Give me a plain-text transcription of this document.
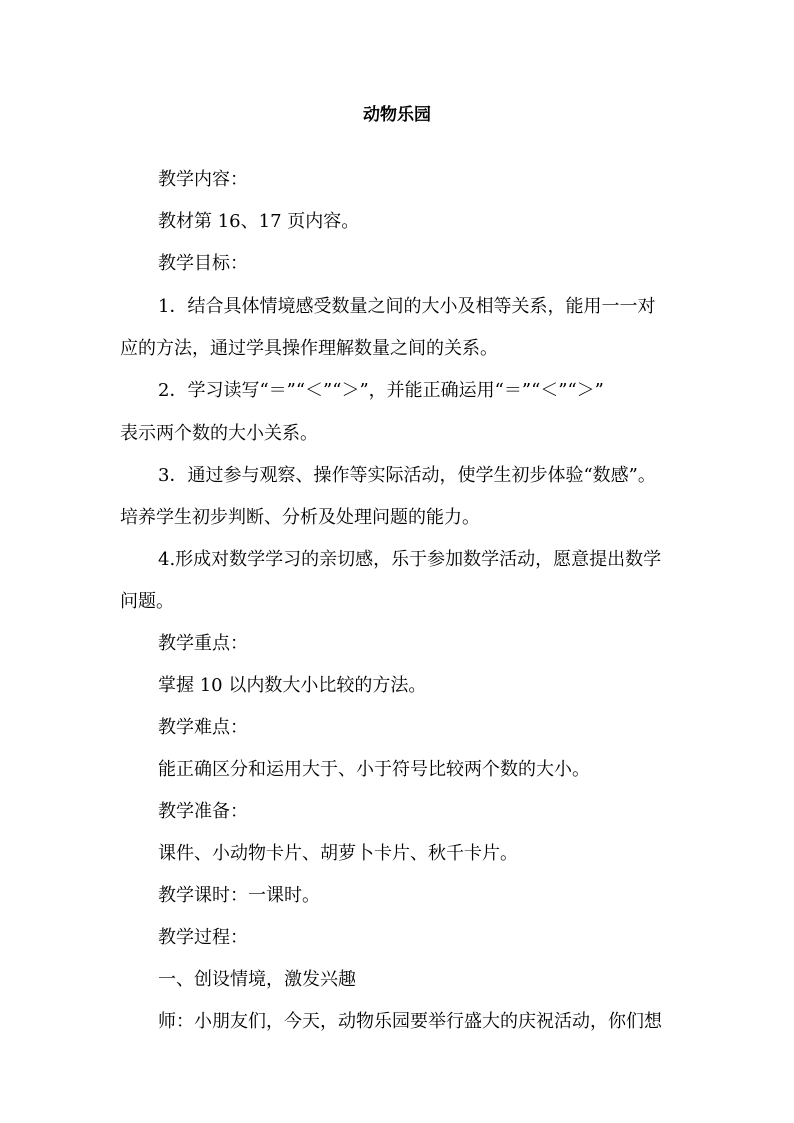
动物乐园
教学内容：
教材第 16、17 页内容。
教学目标：
1．结合具体情境感受数量之间的大小及相等关系，能用一一对
应的方法，通过学具操作理解数量之间的关系。
2．学习读写“＝”“＜”“＞”，并能正确运用“＝”“＜”“＞”
表示两个数的大小关系。
3．通过参与观察、操作等实际活动，使学生初步体验“数感”。
培养学生初步判断、分析及处理问题的能力。
4.形成对数学学习的亲切感，乐于参加数学活动，愿意提出数学
问题。
教学重点：
掌握 10 以内数大小比较的方法。
教学难点：
能正确区分和运用大于、小于符号比较两个数的大小。
教学准备：
课件、小动物卡片、胡萝卜卡片、秋千卡片。
教学课时：一课时。
教学过程：
一、创设情境，激发兴趣
师：小朋友们，今天，动物乐园要举行盛大的庆祝活动，你们想
